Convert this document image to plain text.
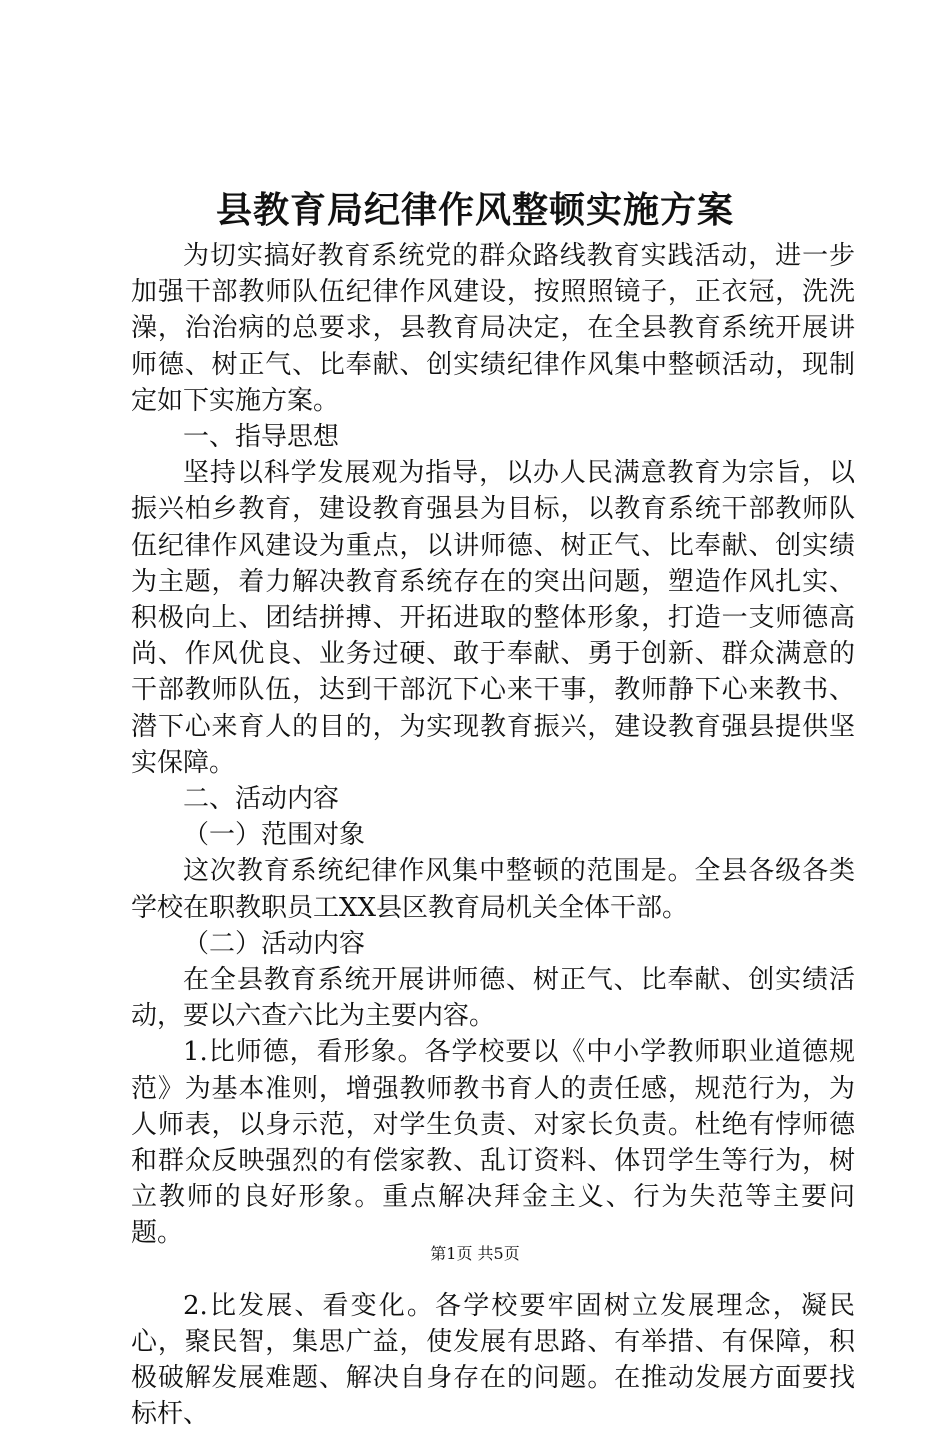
县教育局纪律作风整顿实施方案

为切实搞好教育系统党的群众路线教育实践活动，进一步加强干部教师队伍纪律作风建设，按照照镜子，正衣冠，洗洗澡，治治病的总要求，县教育局决定，在全县教育系统开展讲师德、树正气、比奉献、创实绩纪律作风集中整顿活动，现制定如下实施方案。

一、指导思想

坚持以科学发展观为指导，以办人民满意教育为宗旨，以振兴柏乡教育，建设教育强县为目标，以教育系统干部教师队伍纪律作风建设为重点，以讲师德、树正气、比奉献、创实绩为主题，着力解决教育系统存在的突出问题，塑造作风扎实、积极向上、团结拼搏、开拓进取的整体形象，打造一支师德高尚、作风优良、业务过硬、敢于奉献、勇于创新、群众满意的干部教师队伍，达到干部沉下心来干事，教师静下心来教书、潜下心来育人的目的，为实现教育振兴，建设教育强县提供坚实保障。

二、活动内容

（一）范围对象

这次教育系统纪律作风集中整顿的范围是。全县各级各类学校在职教职员工XX县区教育局机关全体干部。

（二）活动内容

在全县教育系统开展讲师德、树正气、比奉献、创实绩活动，要以六查六比为主要内容。

1.比师德，看形象。各学校要以《中小学教师职业道德规范》为基本准则，增强教师教书育人的责任感，规范行为，为人师表，以身示范，对学生负责、对家长负责。杜绝有悖师德和群众反映强烈的有偿家教、乱订资料、体罚学生等行为，树立教师的良好形象。重点解决拜金主义、行为失范等主要问题。

2.比发展、看变化。各学校要牢固树立发展理念，凝民心，聚民智，集思广益，使发展有思路、有举措、有保障，积极破解发展难题、解决自身存在的问题。在推动发展方面要找标杆、

第1页 共5页
